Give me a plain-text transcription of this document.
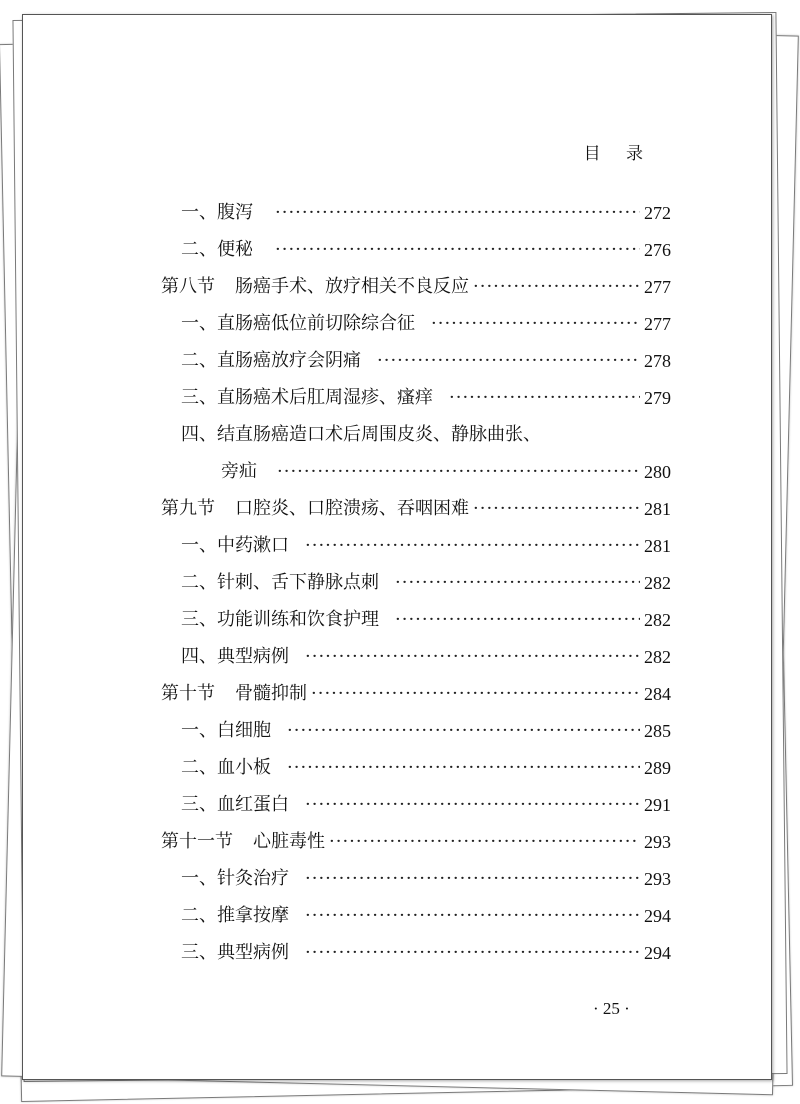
目 录
一、腹泻 ·····	272
二、便秘 ·····	276
第八节 肠癌手术、放疗相关不良反应 ·····	277
一、直肠癌低位前切除综合征 ·····	277
二、直肠癌放疗会阴痛 ·····	278
三、直肠癌术后肛周湿疹、瘙痒 ·····	279
四、结直肠癌造口术后周围皮炎、静脉曲张、
旁疝 ·····	280
第九节 口腔炎、口腔溃疡、吞咽困难 ·····	281
一、中药漱口 ·····	281
二、针刺、舌下静脉点刺 ·····	282
三、功能训练和饮食护理 ·····	282
四、典型病例 ·····	282
第十节 骨髓抑制 ·····	284
一、白细胞 ·····	285
二、血小板 ·····	289
三、血红蛋白 ·····	291
第十一节 心脏毒性 ·····	293
一、针灸治疗 ·····	293
二、推拿按摩 ·····	294
三、典型病例 ·····	294
· 25 ·
